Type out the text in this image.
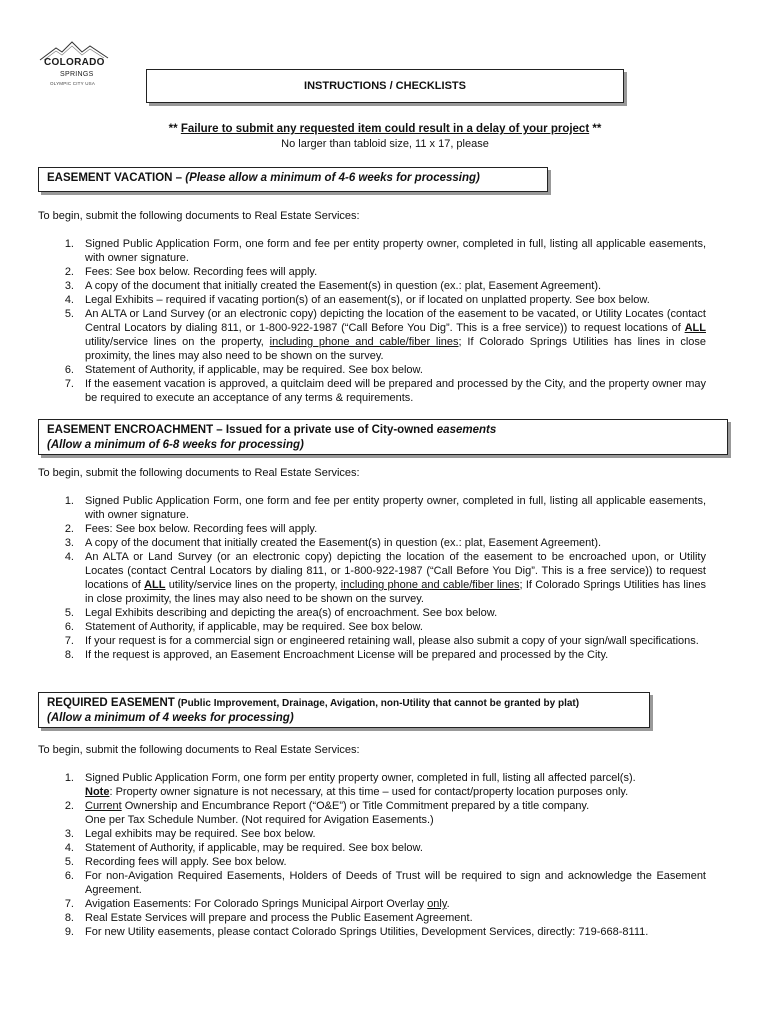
COLORADO
SPRINGS
OLYMPIC CITY USA	INSTRUCTIONS / CHECKLISTS
** Failure to submit any requested item could result in a delay of your project **
No larger than tabloid size, 11 x 17, please
EASEMENT VACATION – (Please allow a minimum of 4-6 weeks for processing)
To begin, submit the following documents to Real Estate Services:
1. Signed Public Application Form, one form and fee per entity property owner, completed in full, listing all applicable easements, with owner signature.
2. Fees: See box below. Recording fees will apply.
3. A copy of the document that initially created the Easement(s) in question (ex.: plat, Easement Agreement).
4. Legal Exhibits – required if vacating portion(s) of an easement(s), or if located on unplatted property. See box below.
5. An ALTA or Land Survey (or an electronic copy) depicting the location of the easement to be vacated, or Utility Locates (contact Central Locators by dialing 811, or 1-800-922-1987 (“Call Before You Dig”. This is a free service)) to request locations of ALL utility/service lines on the property, including phone and cable/fiber lines; If Colorado Springs Utilities has lines in close proximity, the lines may also need to be shown on the survey.
6. Statement of Authority, if applicable, may be required. See box below.
7. If the easement vacation is approved, a quitclaim deed will be prepared and processed by the City, and the property owner may be required to execute an acceptance of any terms & requirements.
EASEMENT ENCROACHMENT – Issued for a private use of City-owned easements
(Allow a minimum of 6-8 weeks for processing)
To begin, submit the following documents to Real Estate Services:
1. Signed Public Application Form, one form and fee per entity property owner, completed in full, listing all applicable easements, with owner signature.
2. Fees: See box below. Recording fees will apply.
3. A copy of the document that initially created the Easement(s) in question (ex.: plat, Easement Agreement).
4. An ALTA or Land Survey (or an electronic copy) depicting the location of the easement to be encroached upon, or Utility Locates (contact Central Locators by dialing 811, or 1-800-922-1987 (“Call Before You Dig”. This is a free service)) to request locations of ALL utility/service lines on the property, including phone and cable/fiber lines; If Colorado Springs Utilities has lines in close proximity, the lines may also need to be shown on the survey.
5. Legal Exhibits describing and depicting the area(s) of encroachment. See box below.
6. Statement of Authority, if applicable, may be required. See box below.
7. If your request is for a commercial sign or engineered retaining wall, please also submit a copy of your sign/wall specifications.
8. If the request is approved, an Easement Encroachment License will be prepared and processed by the City.
REQUIRED EASEMENT (Public Improvement, Drainage, Avigation, non-Utility that cannot be granted by plat)
(Allow a minimum of 4 weeks for processing)
To begin, submit the following documents to Real Estate Services:
1. Signed Public Application Form, one form per entity property owner, completed in full, listing all affected parcel(s).
Note: Property owner signature is not necessary, at this time – used for contact/property location purposes only.
2. Current Ownership and Encumbrance Report (“O&E”) or Title Commitment prepared by a title company.
One per Tax Schedule Number. (Not required for Avigation Easements.)
3. Legal exhibits may be required. See box below.
4. Statement of Authority, if applicable, may be required. See box below.
5. Recording fees will apply. See box below.
6. For non-Avigation Required Easements, Holders of Deeds of Trust will be required to sign and acknowledge the Easement Agreement.
7. Avigation Easements: For Colorado Springs Municipal Airport Overlay only.
8. Real Estate Services will prepare and process the Public Easement Agreement.
9. For new Utility easements, please contact Colorado Springs Utilities, Development Services, directly: 719-668-8111.
